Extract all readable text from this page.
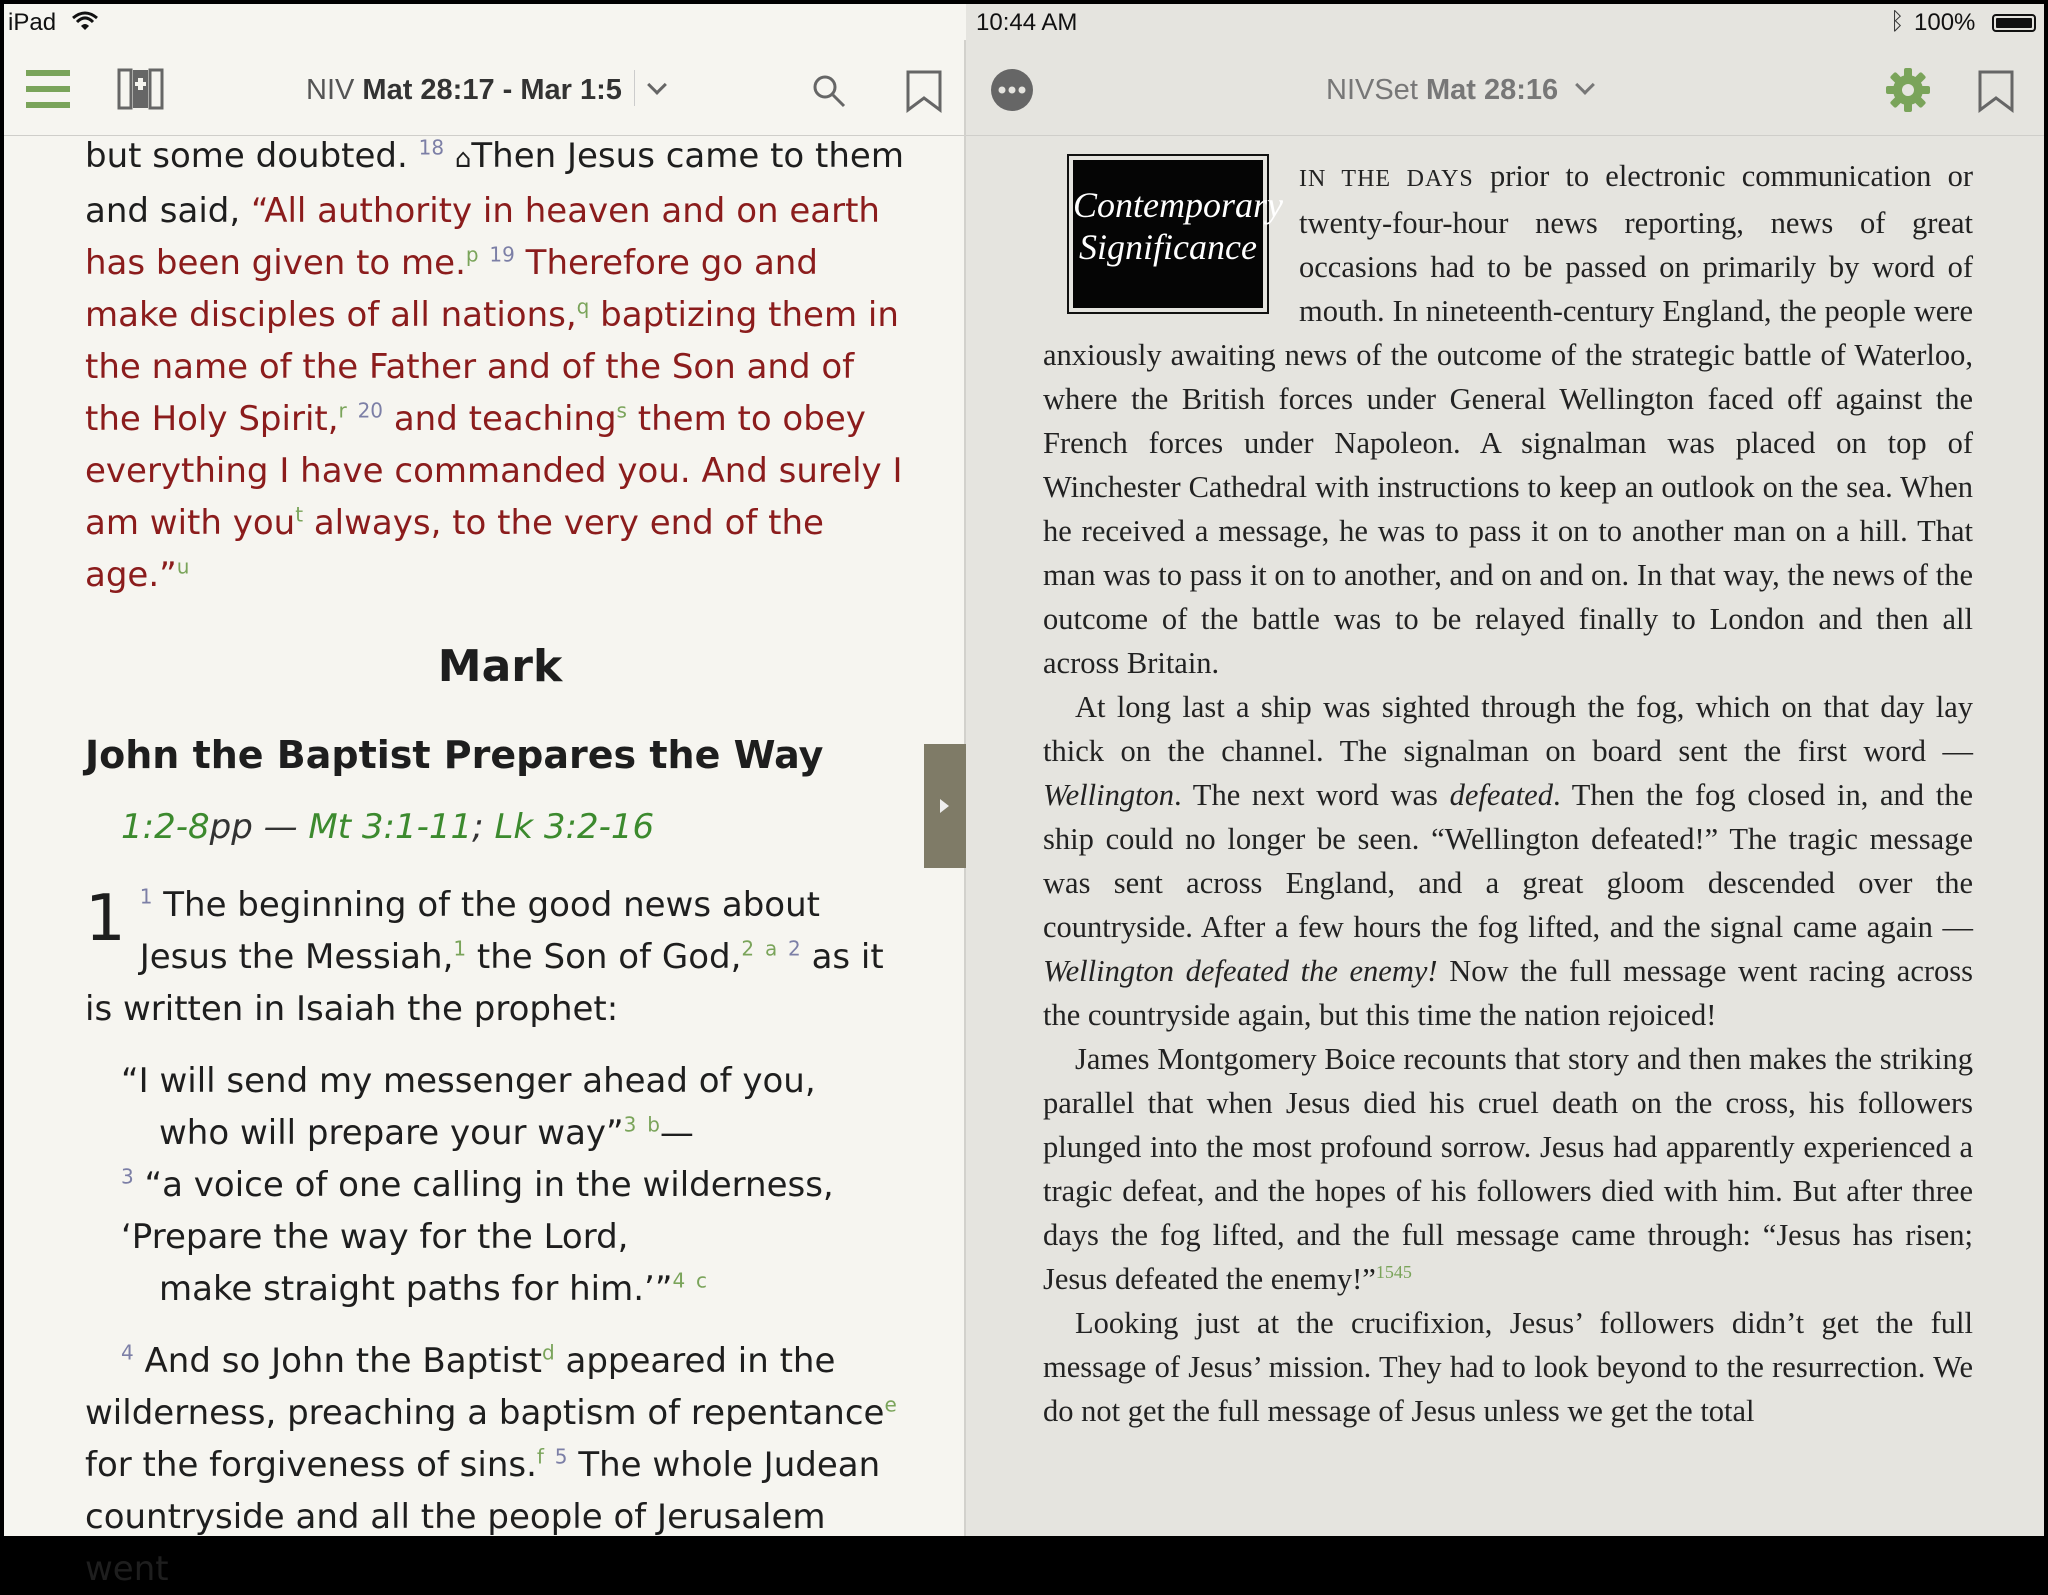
iPad	10:44 AM	ᛒ 100%

but some doubted. $^{18}$ ⌂Then Jesus came to them and said, “All authority in heaven and on earth has been given to me.$^p$ $^{19}$ Therefore go and make disciples of all nations,$^q$ baptizing them in the name of the Father and of the Son and of the Holy Spirit,$^r$ $^{20}$ and teaching$^s$ them to obey everything I have commanded you. And surely I am with you$^t$ always, to the very end of the age.”$^u$

Mark
John the Baptist Prepares the Way
1:2-8pp — Mt 3:1-11; Lk 3:2-16

1 $^1$ The beginning of the good news about Jesus the Messiah,$^1$ the Son of God,$^2$ $^a$ $^2$ as it is written in Isaiah the prophet:

“I will send my messenger ahead of you,
who will prepare your way”$^3$ $^b$—
$^3$ “a voice of one calling in the wilderness,
‘Prepare the way for the Lord,
make straight paths for him.’”$^4$ $^c$

$^4$ And so John the Baptist$^d$ appeared in the wilderness, preaching a baptism of repentance$^e$ for the forgiveness of sins.$^f$ $^5$ The whole Judean countryside and all the people of Jerusalem went

NIV Mat 28:17 - Mar 1:5
Contemporary
Significance

IN THE DAYS prior to electronic communication or twenty-four-hour news reporting, news of great occasions had to be passed on primarily by word of mouth. In nineteenth-century England, the people were anxiously awaiting news of the outcome of the strategic battle of Waterloo, where the British forces under General Wellington faced off against the French forces under Napoleon. A signalman was placed on top of Winchester Cathedral with instructions to keep an outlook on the sea. When he received a message, he was to pass it on to another man on a hill. That man was to pass it on to another, and on and on. In that way, the news of the outcome of the battle was to be relayed finally to London and then all across Britain.

At long last a ship was sighted through the fog, which on that day lay thick on the channel. The signalman on board sent the first word — Wellington. The next word was defeated. Then the fog closed in, and the ship could no longer be seen. “Wellington defeated!” The tragic message was sent across England, and a great gloom descended over the countryside. After a few hours the fog lifted, and the signal came again — Wellington defeated the enemy! Now the full message went racing across the countryside again, but this time the nation rejoiced!

James Montgomery Boice recounts that story and then makes the striking parallel that when Jesus died his cruel death on the cross, his followers plunged into the most profound sorrow. Jesus had apparently experienced a tragic defeat, and the hopes of his followers died with him. But after three days the fog lifted, and the full message came through: “Jesus has risen; Jesus defeated the enemy!”$^{1545}$

Looking just at the crucifixion, Jesus’ followers didn’t get the full message of Jesus’ mission. They had to look beyond to the resurrection. We do not get the full message of Jesus unless we get the total

NIVSet Mat 28:16
